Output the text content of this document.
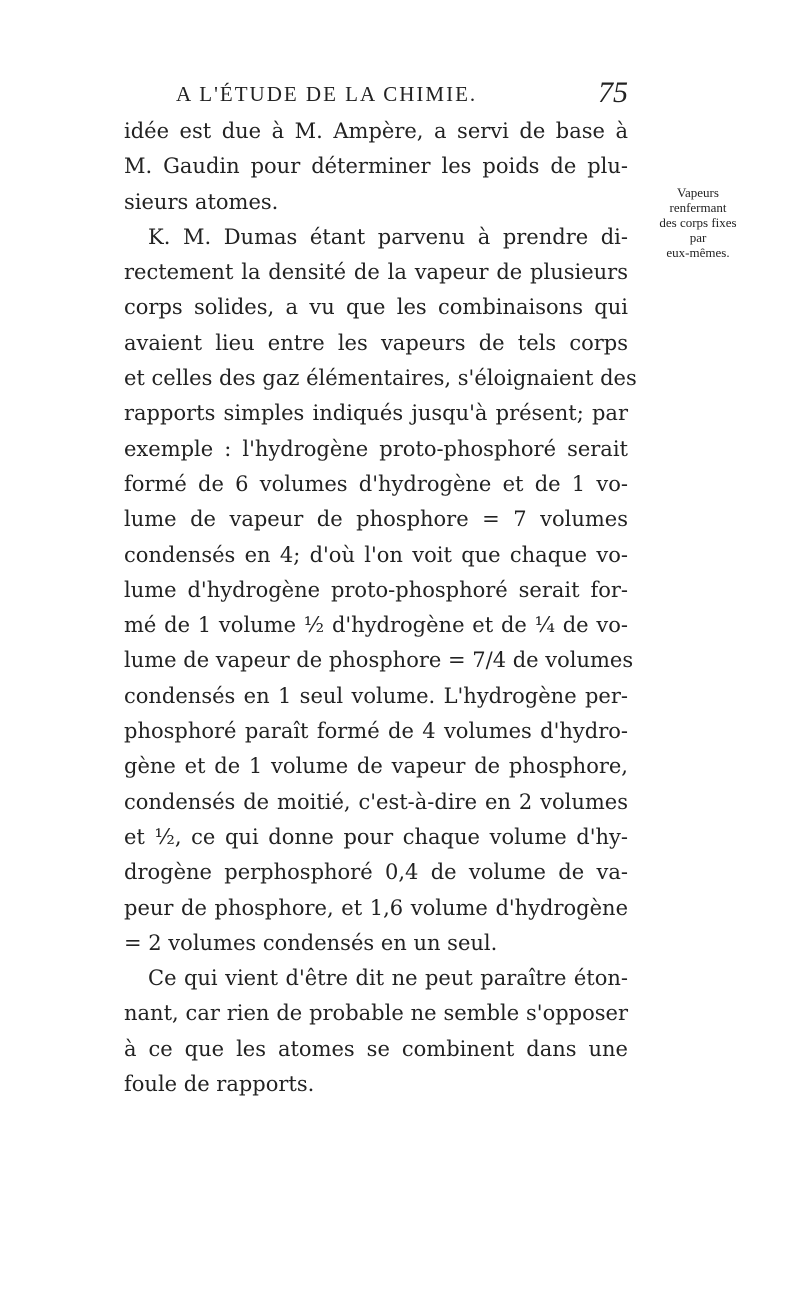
A L'ÉTUDE DE LA CHIMIE.	75
Vapeurs
renfermant
des corps fixes
par
eux-mêmes.
idée est due à M. Ampère, a servi de base à
M. Gaudin pour déterminer les poids de plu-
sieurs atomes.
K. M. Dumas étant parvenu à prendre di-
rectement la densité de la vapeur de plusieurs
corps solides, a vu que les combinaisons qui
avaient lieu entre les vapeurs de tels corps
et celles des gaz élémentaires, s'éloignaient des
rapports simples indiqués jusqu'à présent; par
exemple : l'hydrogène proto-phosphoré serait
formé de 6 volumes d'hydrogène et de 1 vo-
lume de vapeur de phosphore = 7 volumes
condensés en 4; d'où l'on voit que chaque vo-
lume d'hydrogène proto-phosphoré serait for-
mé de 1 volume ½ d'hydrogène et de ¼ de vo-
lume de vapeur de phosphore = 7/4 de volumes
condensés en 1 seul volume. L'hydrogène per-
phosphoré paraît formé de 4 volumes d'hydro-
gène et de 1 volume de vapeur de phosphore,
condensés de moitié, c'est-à-dire en 2 volumes
et ½, ce qui donne pour chaque volume d'hy-
drogène perphosphoré 0,4 de volume de va-
peur de phosphore, et 1,6 volume d'hydrogène
= 2 volumes condensés en un seul.
Ce qui vient d'être dit ne peut paraître éton-
nant, car rien de probable ne semble s'opposer
à ce que les atomes se combinent dans une
foule de rapports.
